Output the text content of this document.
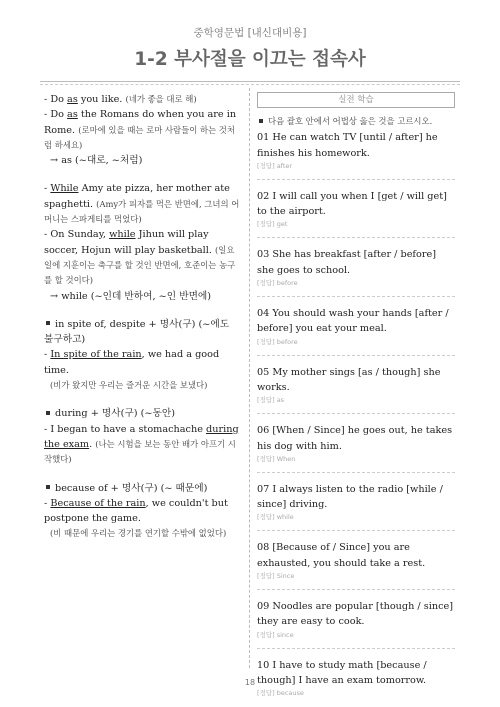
중학영문법 [내신대비용]
1-2 부사절을 이끄는 접속사

- Do as you like. (네가 좋을 대로 해)

- Do as the Romans do when you are in Rome. (로마에 있을 때는 로마 사람들이 하는 것처럼 하세요)

→ as (~대로, ~처럼)

- While Amy ate pizza, her mother ate spaghetti. (Amy가 피자를 먹은 반면에, 그녀의 어머니는 스파게티를 먹었다)

- On Sunday, while Jihun will play soccer, Hojun will play basketball. (일요일에 지훈이는 축구를 할 것인 반면에, 호준이는 농구를 할 것이다)

→ while (~인데 반하여, ~인 반면에)

in spite of, despite + 명사(구) (~에도 불구하고)

- In spite of the rain, we had a good time.

(비가 왔지만 우리는 즐거운 시간을 보냈다)

during + 명사(구) (~동안)

- I began to have a stomachache during the exam. (나는 시험을 보는 동안 배가 아프기 시작했다)

because of + 명사(구) (~ 때문에)

- Because of the rain, we couldn't but postpone the game.

(비 때문에 우리는 경기를 연기할 수밖에 없었다)

실전 학습
다음 괄호 안에서 어법상 옳은 것을 고르시오.

01 He can watch TV [until / after] he finishes his homework.

[정답] after

02 I will call you when I [get / will get] to the airport.

[정답] get

03 She has breakfast [after / before] she goes to school.

[정답] before

04 You should wash your hands [after / before] you eat your meal.

[정답] before

05 My mother sings [as / though] she works.

[정답] as

06 [When / Since] he goes out, he takes his dog with him.

[정답] When

07 I always listen to the radio [while / since] driving.

[정답] while

08 [Because of / Since] you are exhausted, you should take a rest.

[정답] Since

09 Noodles are popular [though / since] they are easy to cook.

[정답] since

10 I have to study math [because / though] I have an exam tomorrow.

[정답] because
18
